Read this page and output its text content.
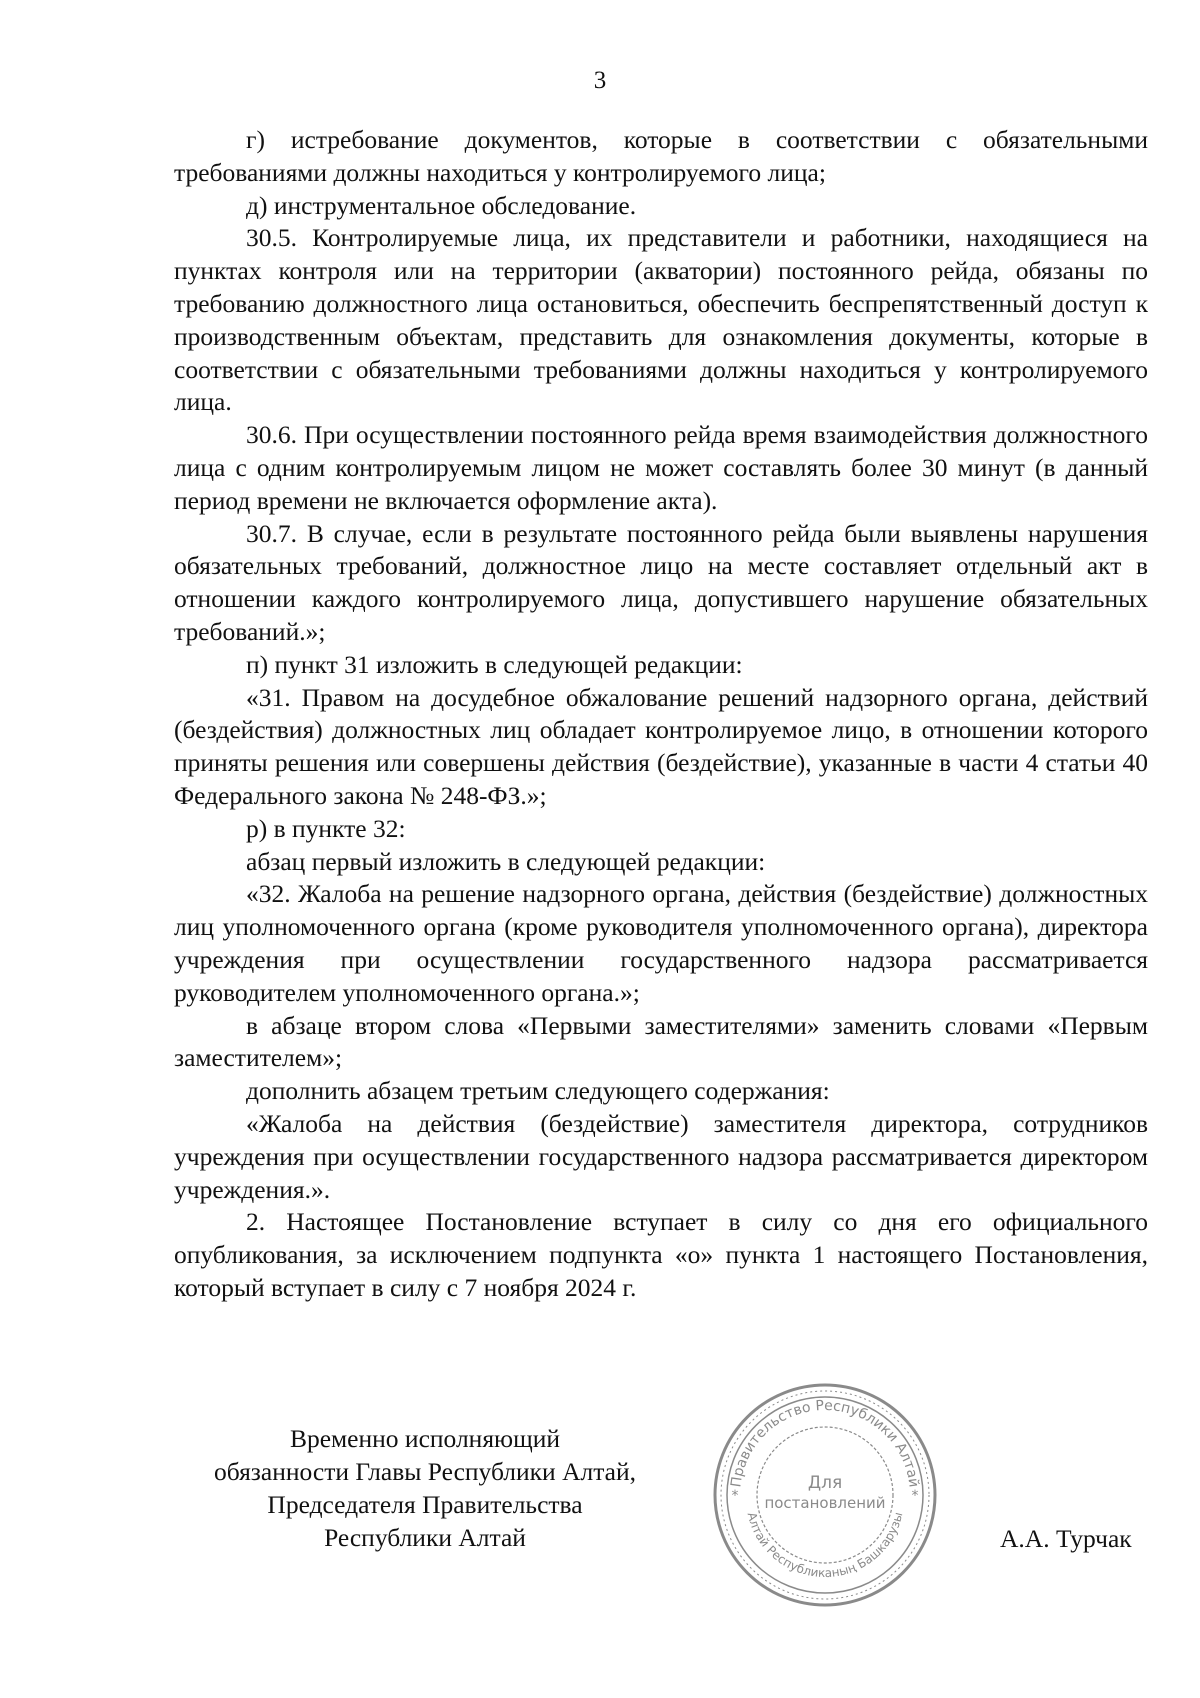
3

г) истребование документов, которые в соответствии с обязательными требованиями должны находиться у контролируемого лица;

д) инструментальное обследование.

30.5. Контролируемые лица, их представители и работники, находящиеся на пунктах контроля или на территории (акватории) постоянного рейда, обязаны по требованию должностного лица остановиться, обеспечить беспрепятственный доступ к производственным объектам, представить для ознакомления документы, которые в соответствии с обязательными требованиями должны находиться у контролируемого лица.

30.6. При осуществлении постоянного рейда время взаимодействия должностного лица с одним контролируемым лицом не может составлять более 30 минут (в данный период времени не включается оформление акта).

30.7. В случае, если в результате постоянного рейда были выявлены нарушения обязательных требований, должностное лицо на месте составляет отдельный акт в отношении каждого контролируемого лица, допустившего нарушение обязательных требований.»;

п) пункт 31 изложить в следующей редакции:

«31. Правом на досудебное обжалование решений надзорного органа, действий (бездействия) должностных лиц обладает контролируемое лицо, в отношении которого приняты решения или совершены действия (бездействие), указанные в части 4 статьи 40 Федерального закона № 248-ФЗ.»;

р) в пункте 32:

абзац первый изложить в следующей редакции:

«32. Жалоба на решение надзорного органа, действия (бездействие) должностных лиц уполномоченного органа (кроме руководителя уполномоченного органа), директора учреждения при осуществлении государственного надзора рассматривается руководителем уполномоченного органа.»;

в абзаце втором слова «Первыми заместителями» заменить словами «Первым заместителем»;

дополнить абзацем третьим следующего содержания:

«Жалоба на действия (бездействие) заместителя директора, сотрудников учреждения при осуществлении государственного надзора рассматривается директором учреждения.».

2. Настоящее Постановление вступает в силу со дня его официального опубликования, за исключением подпункта «о» пункта 1 настоящего Постановления, который вступает в силу с 7 ноября 2024 г.

Временно исполняющий
обязанности Главы Республики Алтай,
Председателя Правительства
Республики Алтай
Правительство Республики Алтай
Алтай Республиканың Башкарузы
*	*
Для
постановлений
А.А. Турчак
